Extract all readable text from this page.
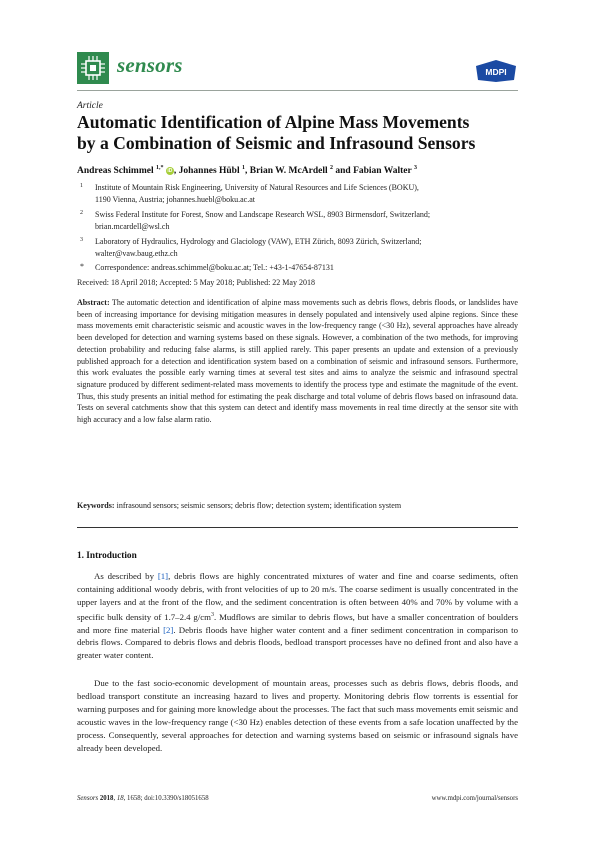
sensors	MDPI
Article
Automatic Identification of Alpine Mass Movements
by a Combination of Seismic and Infrasound Sensors
Andreas Schimmel $^{1,*}$ iD , Johannes Hübl $^1$, Brian W. McArdell $^2$ and Fabian Walter $^3$
1 Institute of Mountain Risk Engineering, University of Natural Resources and Life Sciences (BOKU),
1190 Vienna, Austria; johannes.huebl@boku.ac.at
2 Swiss Federal Institute for Forest, Snow and Landscape Research WSL, 8903 Birmensdorf, Switzerland;
brian.mcardell@wsl.ch
3 Laboratory of Hydraulics, Hydrology and Glaciology (VAW), ETH Zürich, 8093 Zürich, Switzerland;
walter@vaw.baug.ethz.ch
* Correspondence: andreas.schimmel@boku.ac.at; Tel.: +43-1-47654-87131
Received: 18 April 2018; Accepted: 5 May 2018; Published: 22 May 2018
Abstract: The automatic detection and identification of alpine mass movements such as debris flows, debris floods, or landslides have been of increasing importance for devising mitigation measures in densely populated and intensively used alpine regions. Since these mass movements emit characteristic seismic and acoustic waves in the low-frequency range (<30 Hz), several approaches have already been developed for detection and warning systems based on these signals. However, a combination of the two methods, for improving detection probability and reducing false alarms, is still applied rarely. This paper presents an update and extension of a previously published approach for a detection and identification system based on a combination of seismic and infrasound sensors. Furthermore, this work evaluates the possible early warning times at several test sites and aims to analyze the seismic and infrasound spectral signature produced by different sediment-related mass movements to identify the process type and estimate the magnitude of the event. Thus, this study presents an initial method for estimating the peak discharge and total volume of debris flows based on infrasound data. Tests on several catchments show that this system can detect and identify mass movements in real time directly at the sensor site with high accuracy and a low false alarm ratio.
Keywords: infrasound sensors; seismic sensors; debris flow; detection system; identification system
1. Introduction
As described by [1], debris flows are highly concentrated mixtures of water and fine and coarse sediments, often containing additional woody debris, with front velocities of up to 20 m/s. The coarse sediment is usually concentrated in the upper layers and at the front of the flow, and the sediment concentration is often between 40% and 70% by volume with a specific bulk density of 1.7–2.4 $g/cm^3$. Mudflows are similar to debris flows, but have a smaller concentration of boulders and more fine material [2]. Debris floods have higher water content and a finer sediment concentration in comparison to debris flows. Compared to debris flows and debris floods, bedload transport processes have no defined front and also have a greater water content.
Due to the fast socio-economic development of mountain areas, processes such as debris flows, debris floods, and bedload transport constitute an increasing hazard to lives and property. Monitoring debris flow torrents is essential for warning purposes and for gaining more knowledge about the processes. The fact that such mass movements emit seismic and acoustic waves in the low-frequency range (<30 Hz) enables detection of these events from a safe location unaffected by the process. Consequently, several approaches for detection and warning systems based on seismic or infrasound signals have already been developed.
Sensors 2018, 18, 1658; doi:10.3390/s18051658	www.mdpi.com/journal/sensors
